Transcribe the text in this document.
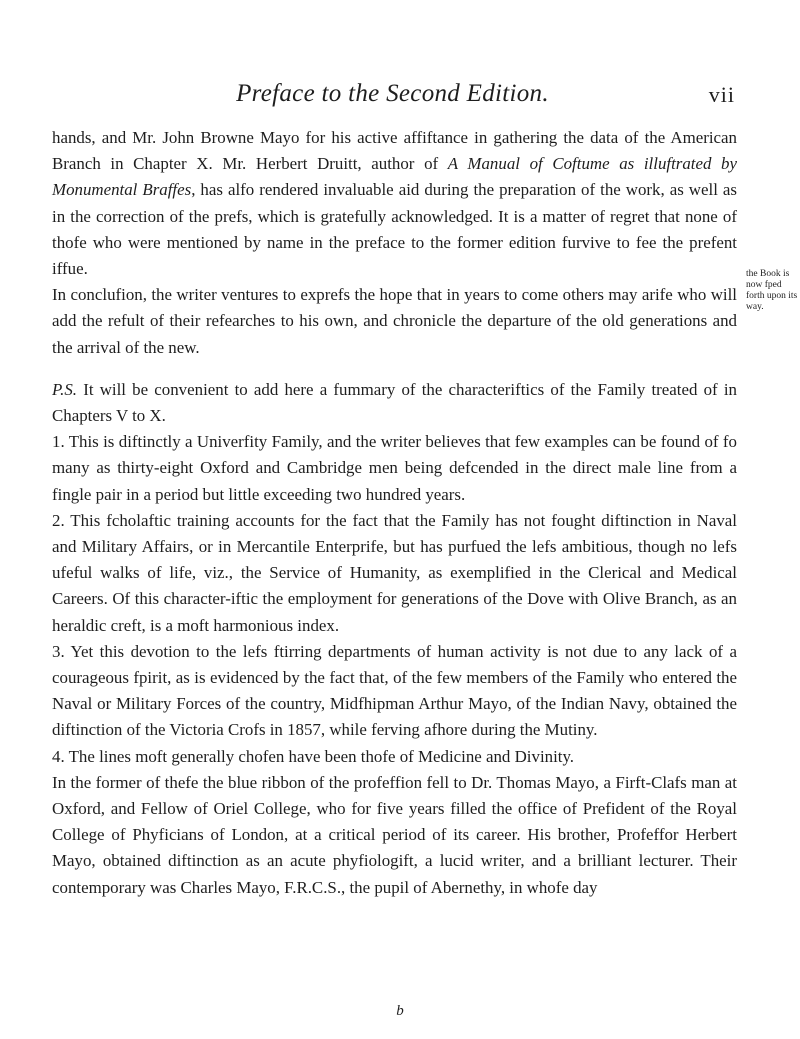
Preface to the Second Edition.	vii

hands, and Mr. John Browne Mayo for his active affiftance in gathering the data of the American Branch in Chapter X. Mr. Herbert Druitt, author of A Manual of Coftume as illuftrated by Monumental Braffes, has alfo rendered invaluable aid during the preparation of the work, as well as in the correction of the prefs, which is gratefully acknowledged. It is a matter of regret that none of thofe who were mentioned by name in the preface to the former edition furvive to fee the prefent iffue.

In conclufion, the writer ventures to exprefs the hope that in years to come others may arife who will add the refult of their refearches to his own, and chronicle the departure of the old generations and the arrival of the new.

P.S. It will be convenient to add here a fummary of the characteriftics of the Family treated of in Chapters V to X.

1. This is diftinctly a Univerfity Family, and the writer believes that few examples can be found of fo many as thirty-eight Oxford and Cambridge men being defcended in the direct male line from a fingle pair in a period but little exceeding two hundred years.

2. This fcholaftic training accounts for the fact that the Family has not fought diftinction in Naval and Military Affairs, or in Mercantile Enterprife, but has purfued the lefs ambitious, though no lefs ufeful walks of life, viz., the Service of Humanity, as exemplified in the Clerical and Medical Careers. Of this character-iftic the employment for generations of the Dove with Olive Branch, as an heraldic creft, is a moft harmonious index.

3. Yet this devotion to the lefs ftirring departments of human activity is not due to any lack of a courageous fpirit, as is evidenced by the fact that, of the few members of the Family who entered the Naval or Military Forces of the country, Midfhipman Arthur Mayo, of the Indian Navy, obtained the diftinction of the Victoria Crofs in 1857, while ferving afhore during the Mutiny.

4. The lines moft generally chofen have been thofe of Medicine and Divinity.

In the former of thefe the blue ribbon of the profeffion fell to Dr. Thomas Mayo, a Firft-Clafs man at Oxford, and Fellow of Oriel College, who for five years filled the office of Prefident of the Royal College of Phyficians of London, at a critical period of its career. His brother, Profeffor Herbert Mayo, obtained diftinction as an acute phyfiologift, a lucid writer, and a brilliant lecturer. Their contemporary was Charles Mayo, F.R.C.S., the pupil of Abernethy, in whofe day

the Book is now fped forth upon its way.
b
